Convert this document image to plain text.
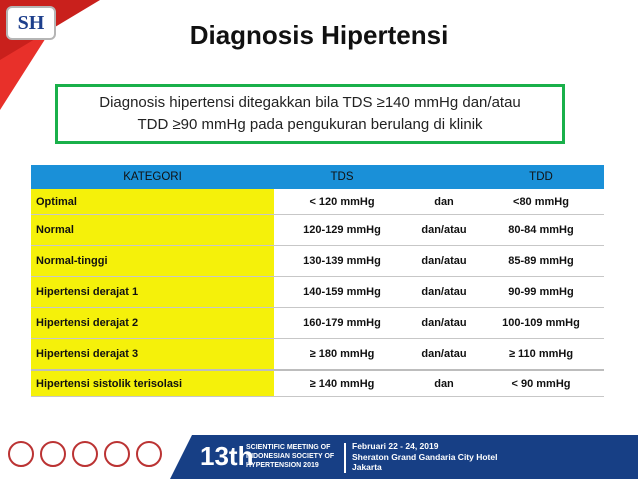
SH	Diagnosis Hipertensi
Diagnosis hipertensi ditegakkan bila TDS ≥140 mmHg dan/atau
TDD ≥90 mmHg pada pengukuran berulang di klinik
KATEGORI	TDS		TDD
Optimal	< 120 mmHg	dan	<80 mmHg
Normal	120-129 mmHg	dan/atau	80-84 mmHg
Normal-tinggi	130-139 mmHg	dan/atau	85-89 mmHg
Hipertensi derajat 1	140-159 mmHg	dan/atau	90-99 mmHg
Hipertensi derajat 2	160-179 mmHg	dan/atau	100-109 mmHg
Hipertensi derajat 3	≥ 180 mmHg	dan/atau	≥ 110 mmHg
Hipertensi sistolik terisolasi	≥ 140 mmHg	dan	< 90 mmHg
13th
SCIENTIFIC MEETING OF
INDONESIAN SOCIETY OF
HYPERTENSION 2019
Februari 22 - 24, 2019
Sheraton Grand Gandaria City Hotel
Jakarta
